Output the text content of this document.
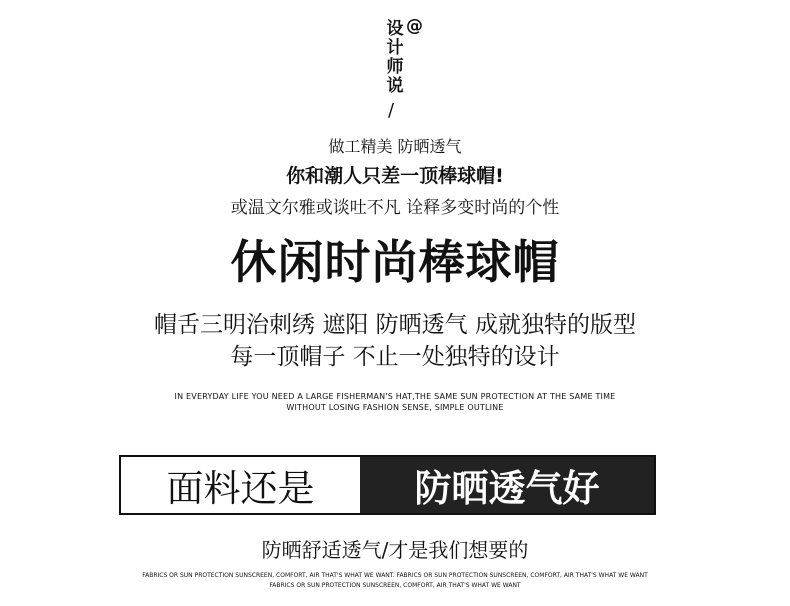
设
计
师
说
@
/
做工精美 防晒透气
你和潮人只差一顶棒球帽!
或温文尔雅或谈吐不凡 诠释多变时尚的个性
休闲时尚棒球帽
帽舌三明治刺绣 遮阳 防晒透气 成就独特的版型
每一顶帽子 不止一处独特的设计
IN EVERYDAY LIFE YOU NEED A LARGE FISHERMAN'S HAT,THE SAME SUN PROTECTION AT THE SAME TIME
WITHOUT LOSING FASHION SENSE, SIMPLE OUTLINE
面料还是	防晒透气好
防晒舒适透气/才是我们想要的
FABRICS OR SUN PROTECTION SUNSCREEN, COMFORT, AIR THAT'S WHAT WE WANT. FABRICS OR SUN PROTECTION SUNSCREEN, COMFORT, AIR THAT'S WHAT WE WANT
FABRICS OR SUN PROTECTION SUNSCREEN, COMFORT, AIR THAT'S WHAT WE WANT
